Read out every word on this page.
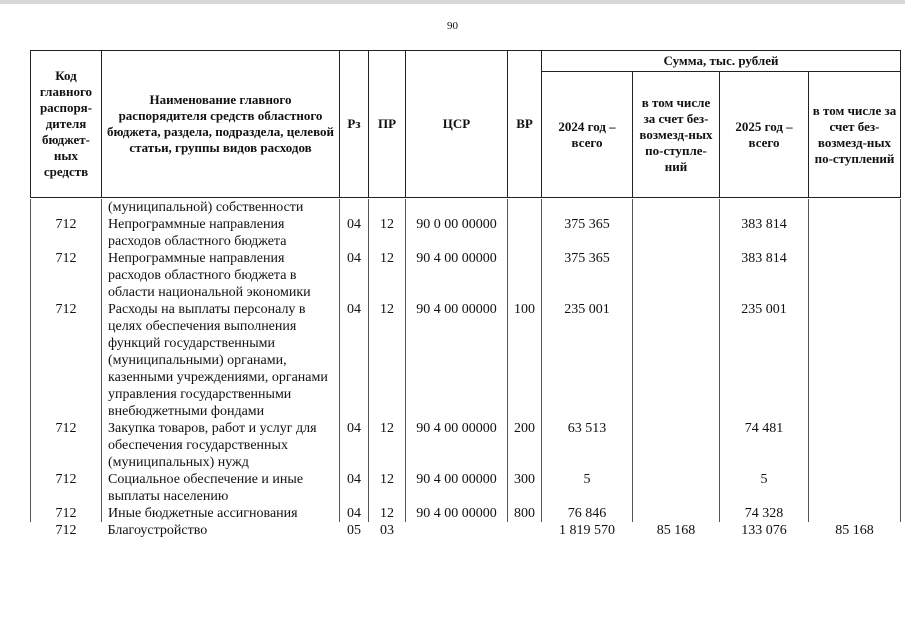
90
Код главного распоря-дителя бюджет-ных средств	Наименование главного распорядителя средств областного бюджета, раздела, подраздела, целевой статьи, группы видов расходов	Рз	ПР	ЦСР	ВР	Сумма, тыс. рублей			
						2024 год – всего	в том числе за счет без-возмезд-ных по-ступле-ний	2025 год – всего	в том числе за счет без-возмезд-ных по-ступлений
	(муниципальной) собственности								
712	Непрограммные направления расходов областного бюджета	04	12	90 0 00 00000		375 365		383 814	
712	Непрограммные направления расходов областного бюджета в области национальной экономики	04	12	90 4 00 00000		375 365		383 814	
712	Расходы на выплаты персоналу в целях обеспечения выполнения функций государственными (муниципальными) органами, казенными учреждениями, органами управления государственными внебюджетными фондами	04	12	90 4 00 00000	100	235 001		235 001	
712	Закупка товаров, работ и услуг для обеспечения государственных (муниципальных) нужд	04	12	90 4 00 00000	200	63 513		74 481	
712	Социальное обеспечение и иные выплаты населению	04	12	90 4 00 00000	300	5		5	
712	Иные бюджетные ассигнования	04	12	90 4 00 00000	800	76 846		74 328	
712	Благоустройство	05	03			1 819 570	85 168	133 076	85 168
